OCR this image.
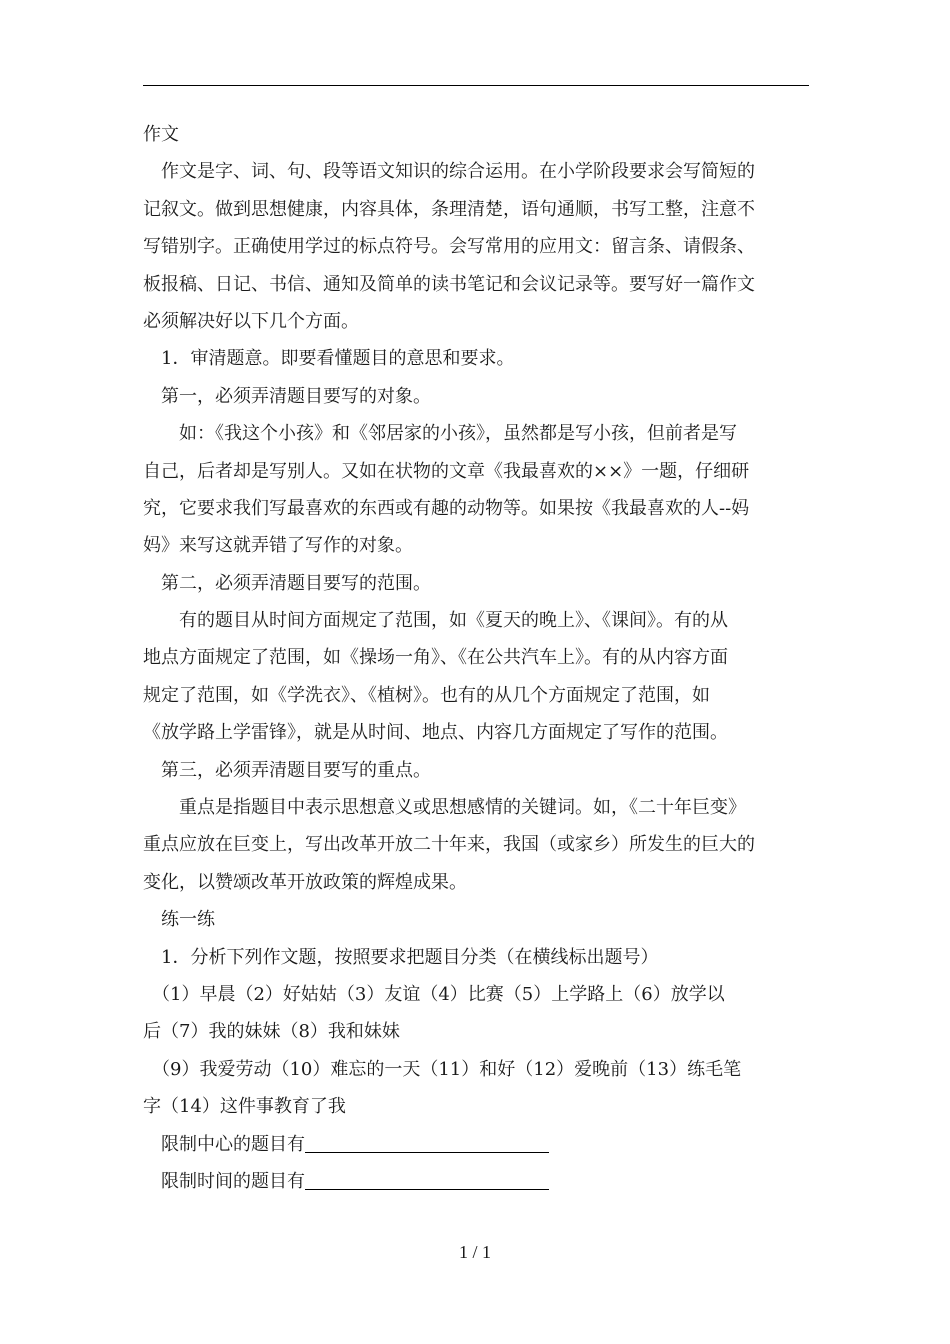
作文
　作文是字、词、句、段等语文知识的综合运用。在小学阶段要求会写简短的
记叙文。做到思想健康，内容具体，条理清楚，语句通顺，书写工整，注意不
写错别字。正确使用学过的标点符号。会写常用的应用文：留言条、请假条、
板报稿、日记、书信、通知及简单的读书笔记和会议记录等。要写好一篇作文
必须解决好以下几个方面。
　1．审清题意。即要看懂题目的意思和要求。
　第一，必须弄清题目要写的对象。
　　如：《我这个小孩》和《邻居家的小孩》，虽然都是写小孩，但前者是写
自己，后者却是写别人。又如在状物的文章《我最喜欢的××》一题，仔细研
究，它要求我们写最喜欢的东西或有趣的动物等。如果按《我最喜欢的人--妈
妈》来写这就弄错了写作的对象。
　第二，必须弄清题目要写的范围。
　　有的题目从时间方面规定了范围，如《夏天的晚上》、《课间》。有的从
地点方面规定了范围，如《操场一角》、《在公共汽车上》。有的从内容方面
规定了范围，如《学洗衣》、《植树》。也有的从几个方面规定了范围，如
《放学路上学雷锋》，就是从时间、地点、内容几方面规定了写作的范围。
　第三，必须弄清题目要写的重点。
　　重点是指题目中表示思想意义或思想感情的关键词。如，《二十年巨变》
重点应放在巨变上，写出改革开放二十年来，我国（或家乡）所发生的巨大的
变化，以赞颂改革开放政策的辉煌成果。
　练一练
　1．分析下列作文题，按照要求把题目分类（在横线标出题号）
　（1）早晨（2）好姑姑（3）友谊（4）比赛（5）上学路上（6）放学以
后（7）我的妹妹（8）我和妹妹
　（9）我爱劳动（10）难忘的一天（11）和好（12）爱晚前（13）练毛笔
字（14）这件事教育了我
　限制中心的题目有
　限制时间的题目有
1 / 1
